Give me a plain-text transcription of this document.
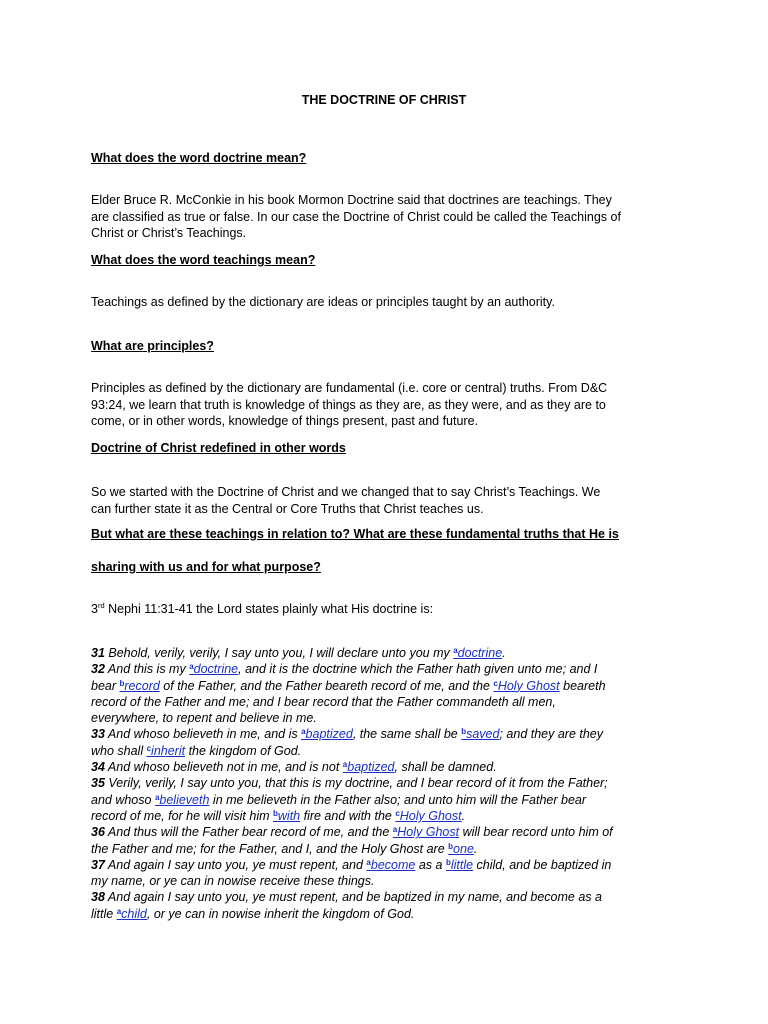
THE DOCTRINE OF CHRIST
What does the word doctrine mean?
Elder Bruce R. McConkie in his book Mormon Doctrine said that doctrines are teachings. They
are classified as true or false. In our case the Doctrine of Christ could be called the Teachings of
Christ or Christ’s Teachings.
What does the word teachings mean?
Teachings as defined by the dictionary are ideas or principles taught by an authority.
What are principles?
Principles as defined by the dictionary are fundamental (i.e. core or central) truths. From D&C
93:24, we learn that truth is knowledge of things as they are, as they were, and as they are to
come, or in other words, knowledge of things present, past and future.
Doctrine of Christ redefined in other words
So we started with the Doctrine of Christ and we changed that to say Christ’s Teachings. We
can further state it as the Central or Core Truths that Christ teaches us.
But what are these teachings in relation to? What are these fundamental truths that He is
sharing with us and for what purpose?
3rd Nephi 11:31-41 the Lord states plainly what His doctrine is:
31 Behold, verily, verily, I say unto you, I will declare unto you my $^a$doctrine.
32 And this is my $^a$doctrine, and it is the doctrine which the Father hath given unto me; and I
bear $^b$record of the Father, and the Father beareth record of me, and the $^c$Holy Ghost beareth
record of the Father and me; and I bear record that the Father commandeth all men,
everywhere, to repent and believe in me.
33 And whoso believeth in me, and is $^a$baptized, the same shall be $^b$saved; and they are they
who shall $^c$inherit the kingdom of God.
34 And whoso believeth not in me, and is not $^a$baptized, shall be damned.
35 Verily, verily, I say unto you, that this is my doctrine, and I bear record of it from the Father;
and whoso $^a$believeth in me believeth in the Father also; and unto him will the Father bear
record of me, for he will visit him $^b$with fire and with the $^c$Holy Ghost.
36 And thus will the Father bear record of me, and the $^a$Holy Ghost will bear record unto him of
the Father and me; for the Father, and I, and the Holy Ghost are $^b$one.
37 And again I say unto you, ye must repent, and $^a$become as a $^b$little child, and be baptized in
my name, or ye can in nowise receive these things.
38 And again I say unto you, ye must repent, and be baptized in my name, and become as a
little $^a$child, or ye can in nowise inherit the kingdom of God.
